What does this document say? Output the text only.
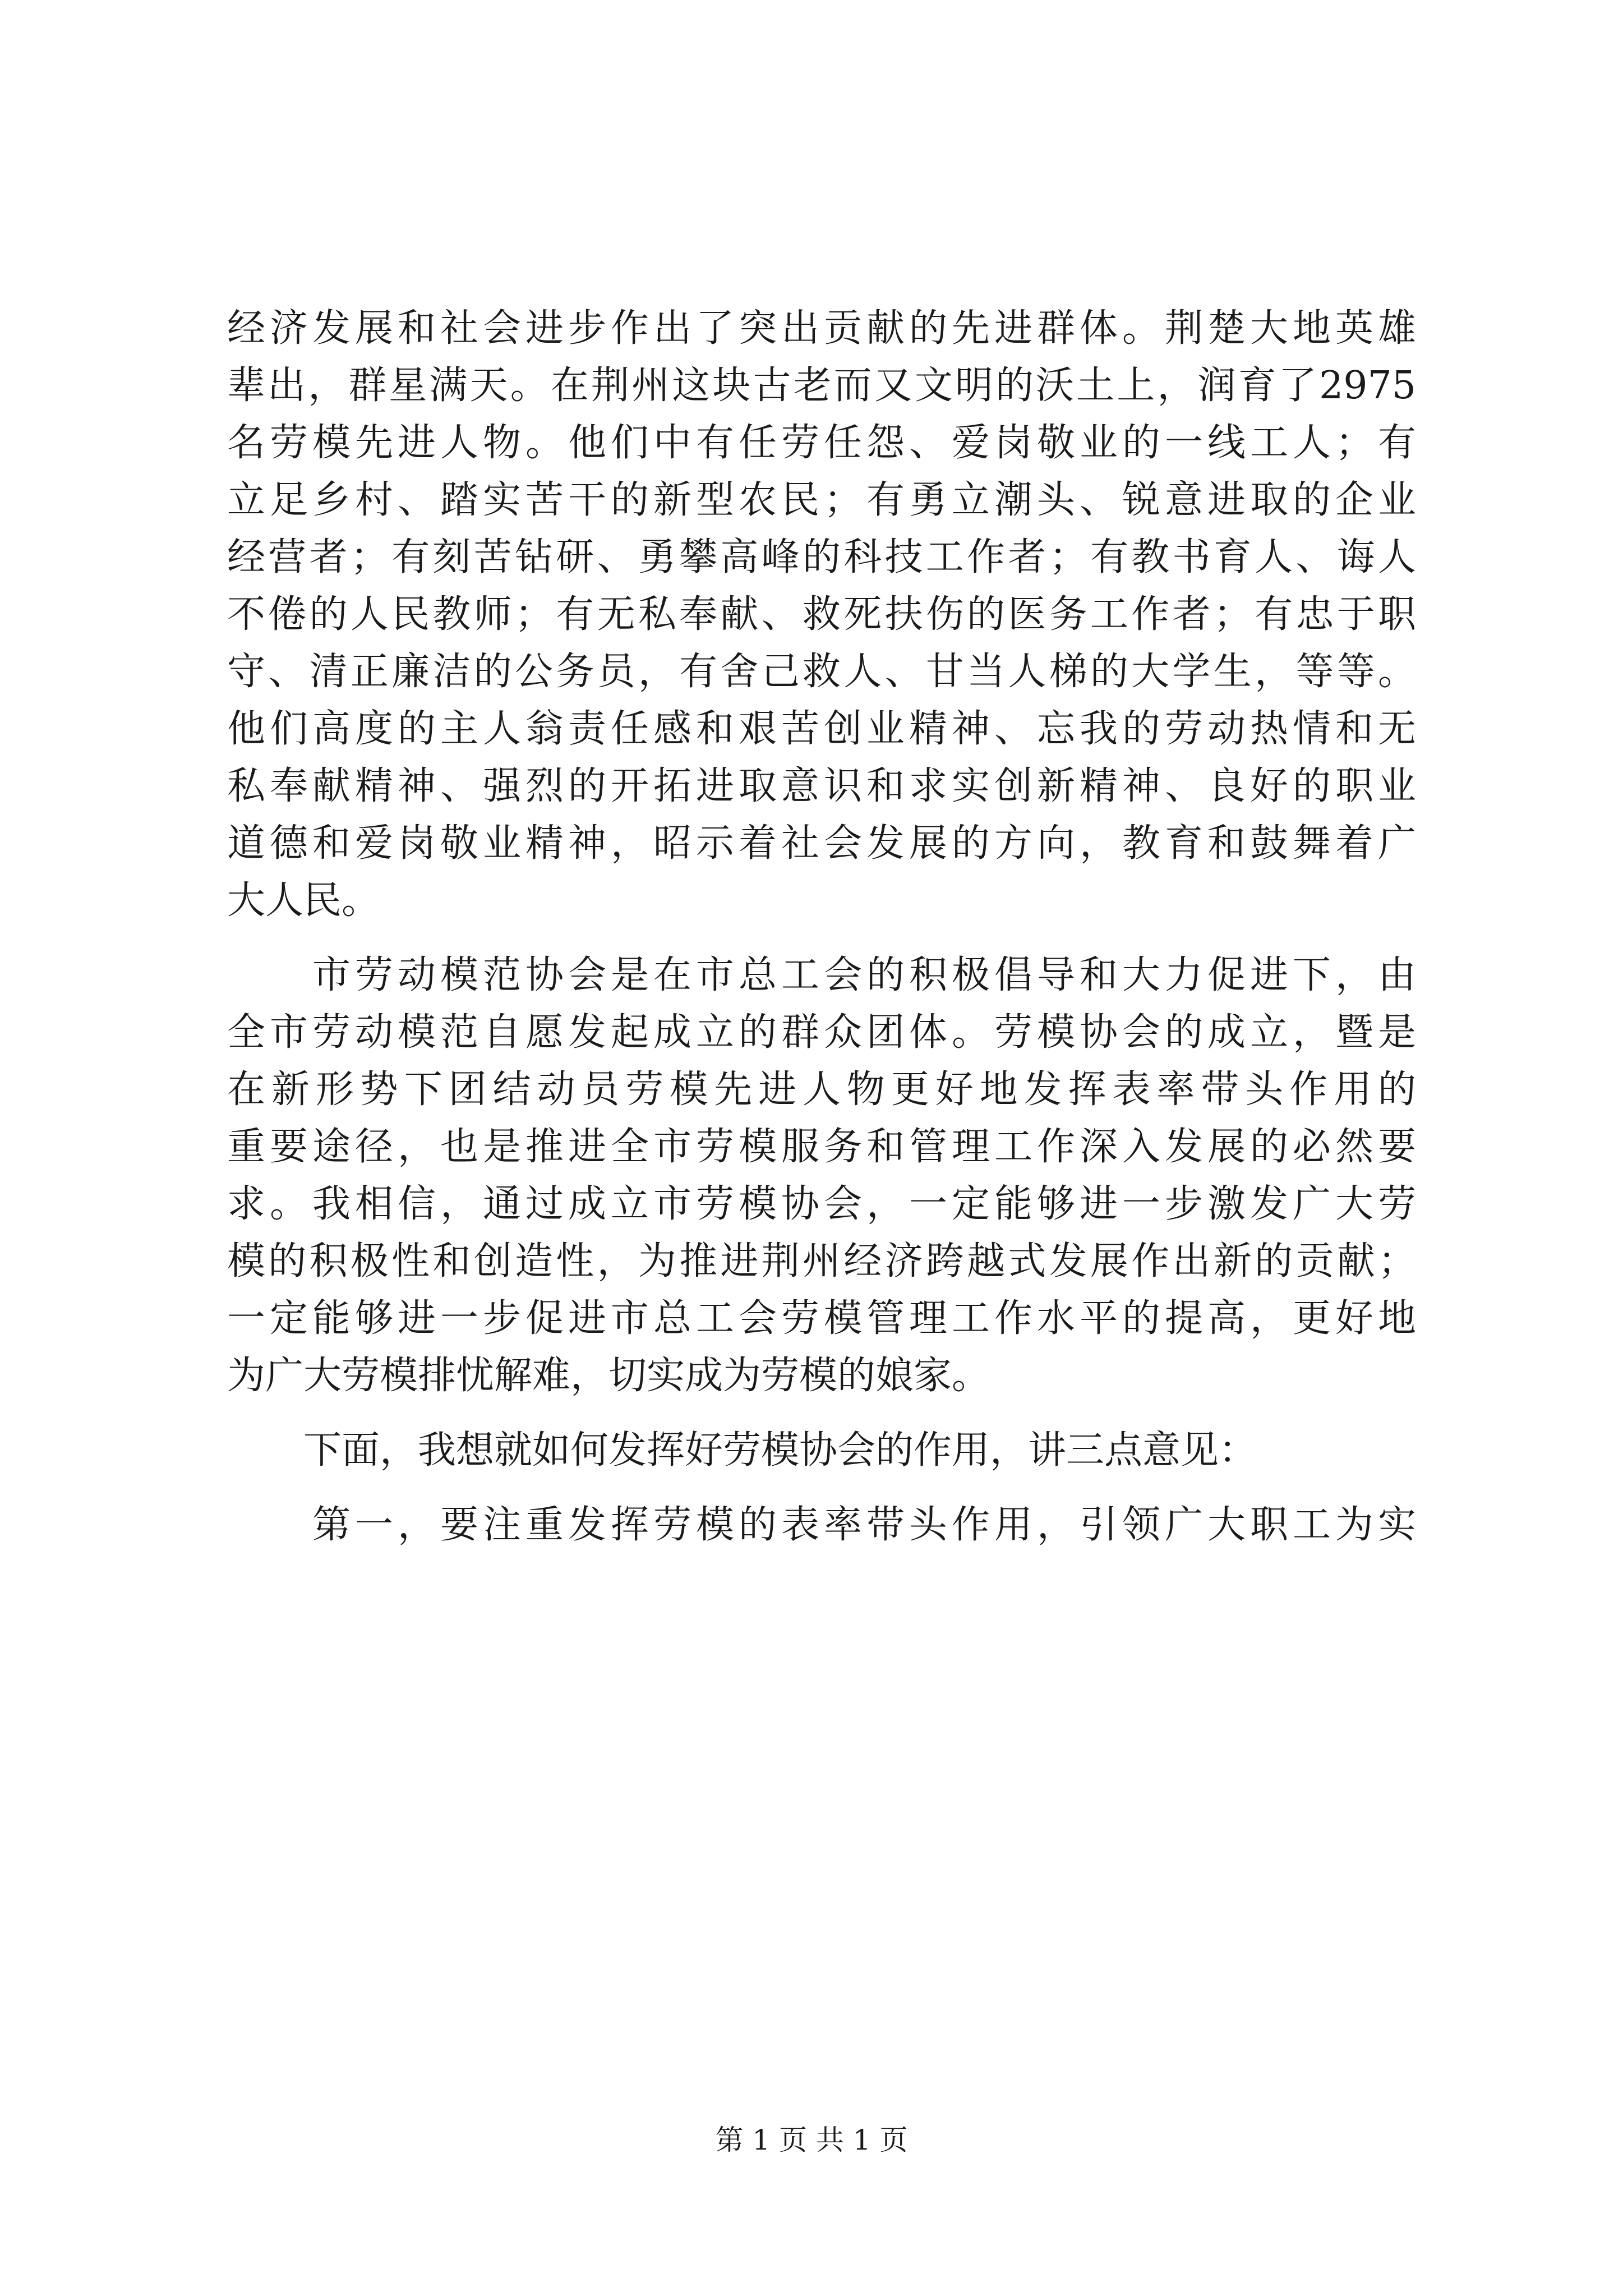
经济发展和社会进步作出了突出贡献的先进群体。荆楚大地英雄
辈出，群星满天。在荆州这块古老而又文明的沃土上，润育了2975
名劳模先进人物。他们中有任劳任怨、爱岗敬业的一线工人；有
立足乡村、踏实苦干的新型农民；有勇立潮头、锐意进取的企业
经营者；有刻苦钻研、勇攀高峰的科技工作者；有教书育人、诲人
不倦的人民教师；有无私奉献、救死扶伤的医务工作者；有忠于职
守、清正廉洁的公务员，有舍己救人、甘当人梯的大学生，等等。
他们高度的主人翁责任感和艰苦创业精神、忘我的劳动热情和无
私奉献精神、强烈的开拓进取意识和求实创新精神、良好的职业
道德和爱岗敬业精神，昭示着社会发展的方向，教育和鼓舞着广
大人民。
　　市劳动模范协会是在市总工会的积极倡导和大力促进下，由
全市劳动模范自愿发起成立的群众团体。劳模协会的成立，暨是
在新形势下团结动员劳模先进人物更好地发挥表率带头作用的
重要途径，也是推进全市劳模服务和管理工作深入发展的必然要
求。我相信，通过成立市劳模协会，一定能够进一步激发广大劳
模的积极性和创造性，为推进荆州经济跨越式发展作出新的贡献；
一定能够进一步促进市总工会劳模管理工作水平的提高，更好地
为广大劳模排忧解难，切实成为劳模的娘家。
　　下面，我想就如何发挥好劳模协会的作用，讲三点意见：
　　第一，要注重发挥劳模的表率带头作用，引领广大职工为实
第 1 页 共 1 页
